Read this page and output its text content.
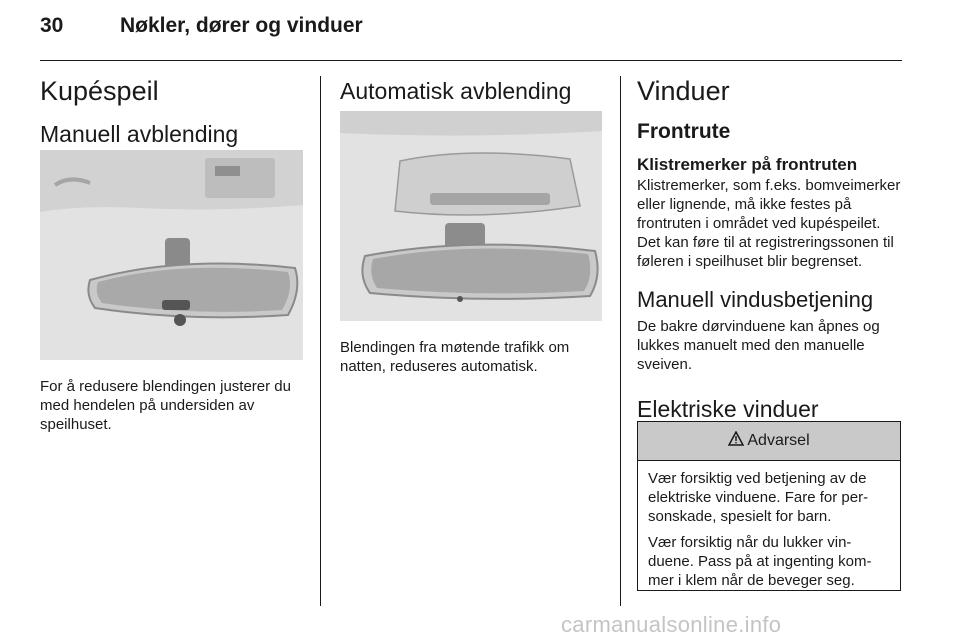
30	Nøkler, dører og vinduer
Kupéspeil
Manuell avblending

For å redusere blendingen justerer du med hendelen på undersiden av speilhuset.

Automatisk avblending

Blendingen fra møtende trafikk om natten, reduseres automatisk.

Vinduer
Frontrute
Klistremerker på frontruten

Klistremerker, som f.eks. bomveimerker eller lignende, må ikke festes på frontruten i området ved kupéspeilet. Det kan føre til at registreringssonen til føleren i speilhuset blir begrenset.

Manuell vindusbetjening

De bakre dørvinduene kan åpnes og lukkes manuelt med den manuelle sveiven.

Elektriske vinduer
Advarsel

Vær forsiktig ved betjening av de elektriske vinduene. Fare for personskade, spesielt for barn.

Vær forsiktig når du lukker vinduene. Pass på at ingenting kommer i klem når de beveger seg.

carmanualsonline.info
